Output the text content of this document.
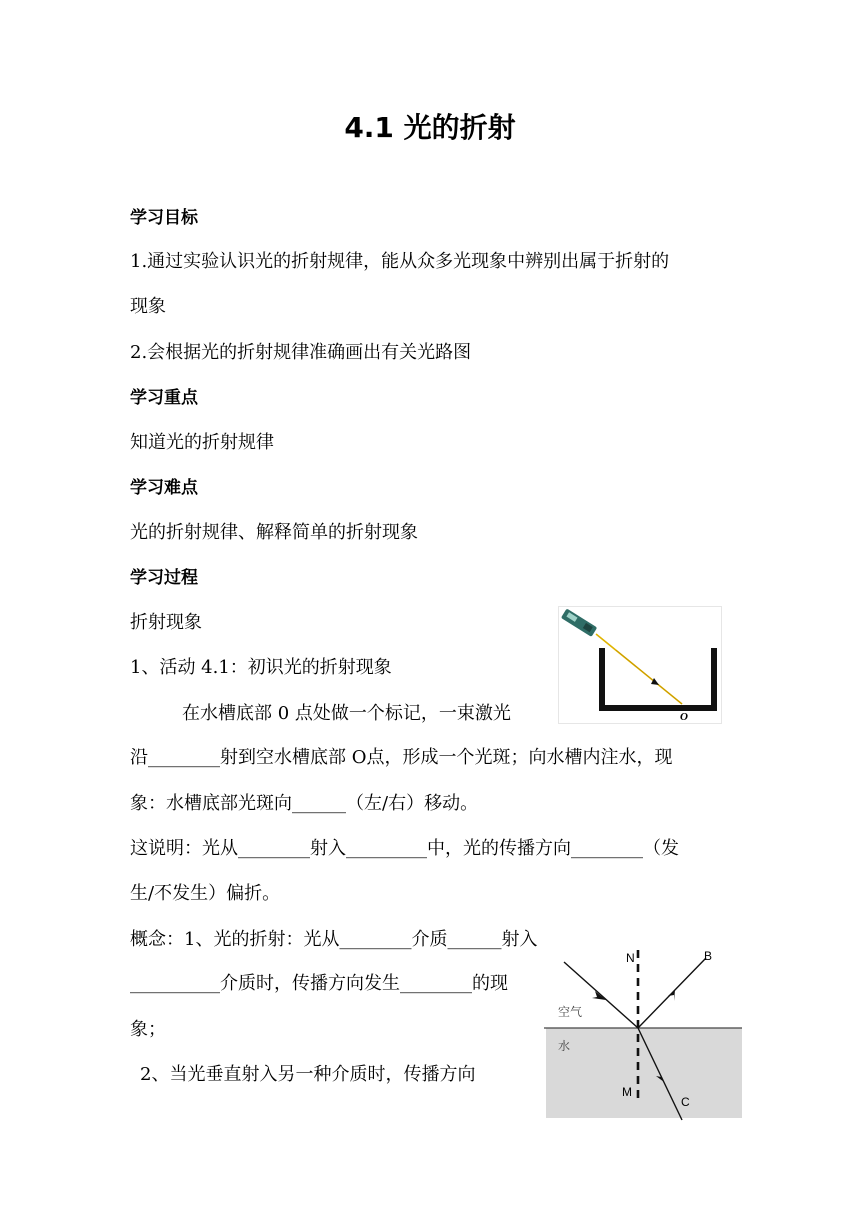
4.1 光的折射
学习目标
1.通过实验认识光的折射规律，能从众多光现象中辨别出属于折射的
现象
2.会根据光的折射规律准确画出有关光路图
学习重点
知道光的折射规律
学习难点
光的折射规律、解释简单的折射现象
学习过程
折射现象
1、活动 4.1：初识光的折射现象
在水槽底部 0 点处做一个标记，一束激光
沿________射到空水槽底部 O点，形成一个光斑；向水槽内注水，现
象：水槽底部光斑向______（左/右）移动。
这说明：光从________射入_________中，光的传播方向________（发
生/不发生）偏折。
概念：1、光的折射：光从________介质______射入
__________介质时，传播方向发生________的现
象；
2、当光垂直射入另一种介质时，传播方向
O
N	B
空气
水
M
C
